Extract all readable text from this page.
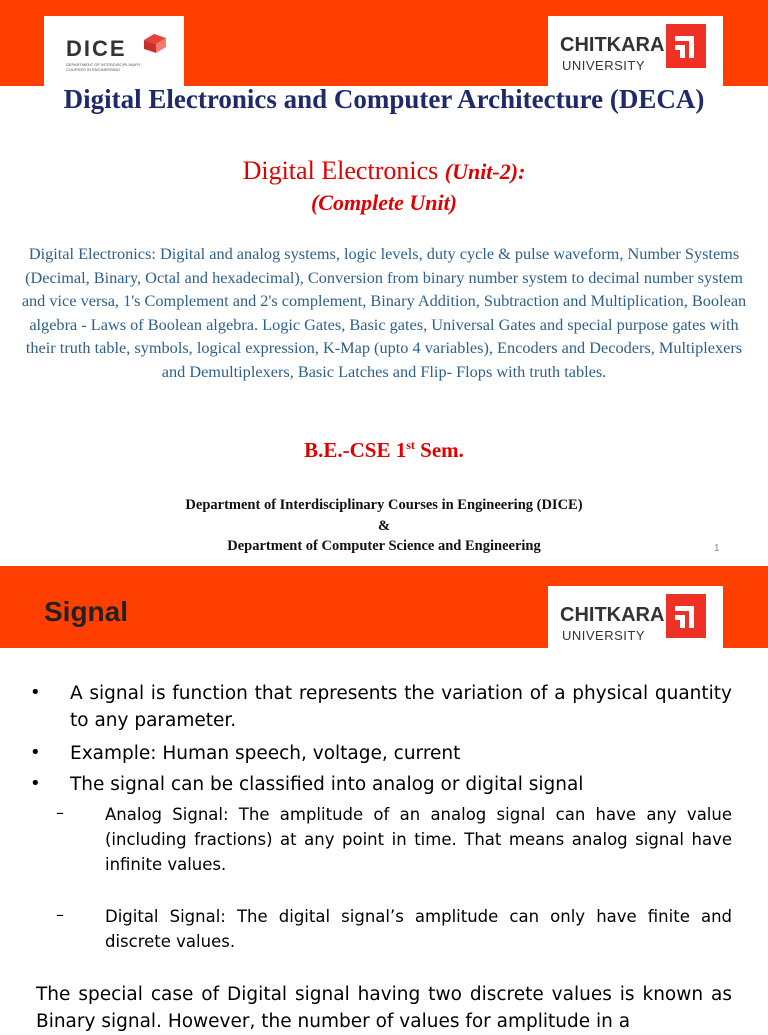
DICE
DEPARTMENT OF INTERDISCIPLINARY COURSES IN ENGINEERING
CHITKARA
UNIVERSITY
Digital Electronics and Computer Architecture (DECA)
Digital Electronics (Unit-2):
(Complete Unit)

Digital Electronics: Digital and analog systems, logic levels, duty cycle & pulse waveform, Number Systems (Decimal, Binary, Octal and hexadecimal), Conversion from binary number system to decimal number system and vice versa, 1's Complement and 2's complement, Binary Addition, Subtraction and Multiplication, Boolean algebra - Laws of Boolean algebra. Logic Gates, Basic gates, Universal Gates and special purpose gates with their truth table, symbols, logical expression, K-Map (upto 4 variables), Encoders and Decoders, Multiplexers and Demultiplexers, Basic Latches and Flip- Flops with truth tables.

B.E.-CSE 1st Sem.
Department of Interdisciplinary Courses in Engineering (DICE)
&
Department of Computer Science and Engineering	1
Signal	CHITKARA
UNIVERSITY
• A signal is function that represents the variation of a physical quantity to any parameter.
• Example: Human speech, voltage, current
• The signal can be classified into analog or digital signal
– Analog Signal: The amplitude of an analog signal can have any value (including fractions) at any point in time. That means analog signal have infinite values.
– Digital Signal: The digital signal’s amplitude can only have finite and discrete values.
The special case of Digital signal having two discrete values is known as Binary signal. However, the number of values for amplitude in a
